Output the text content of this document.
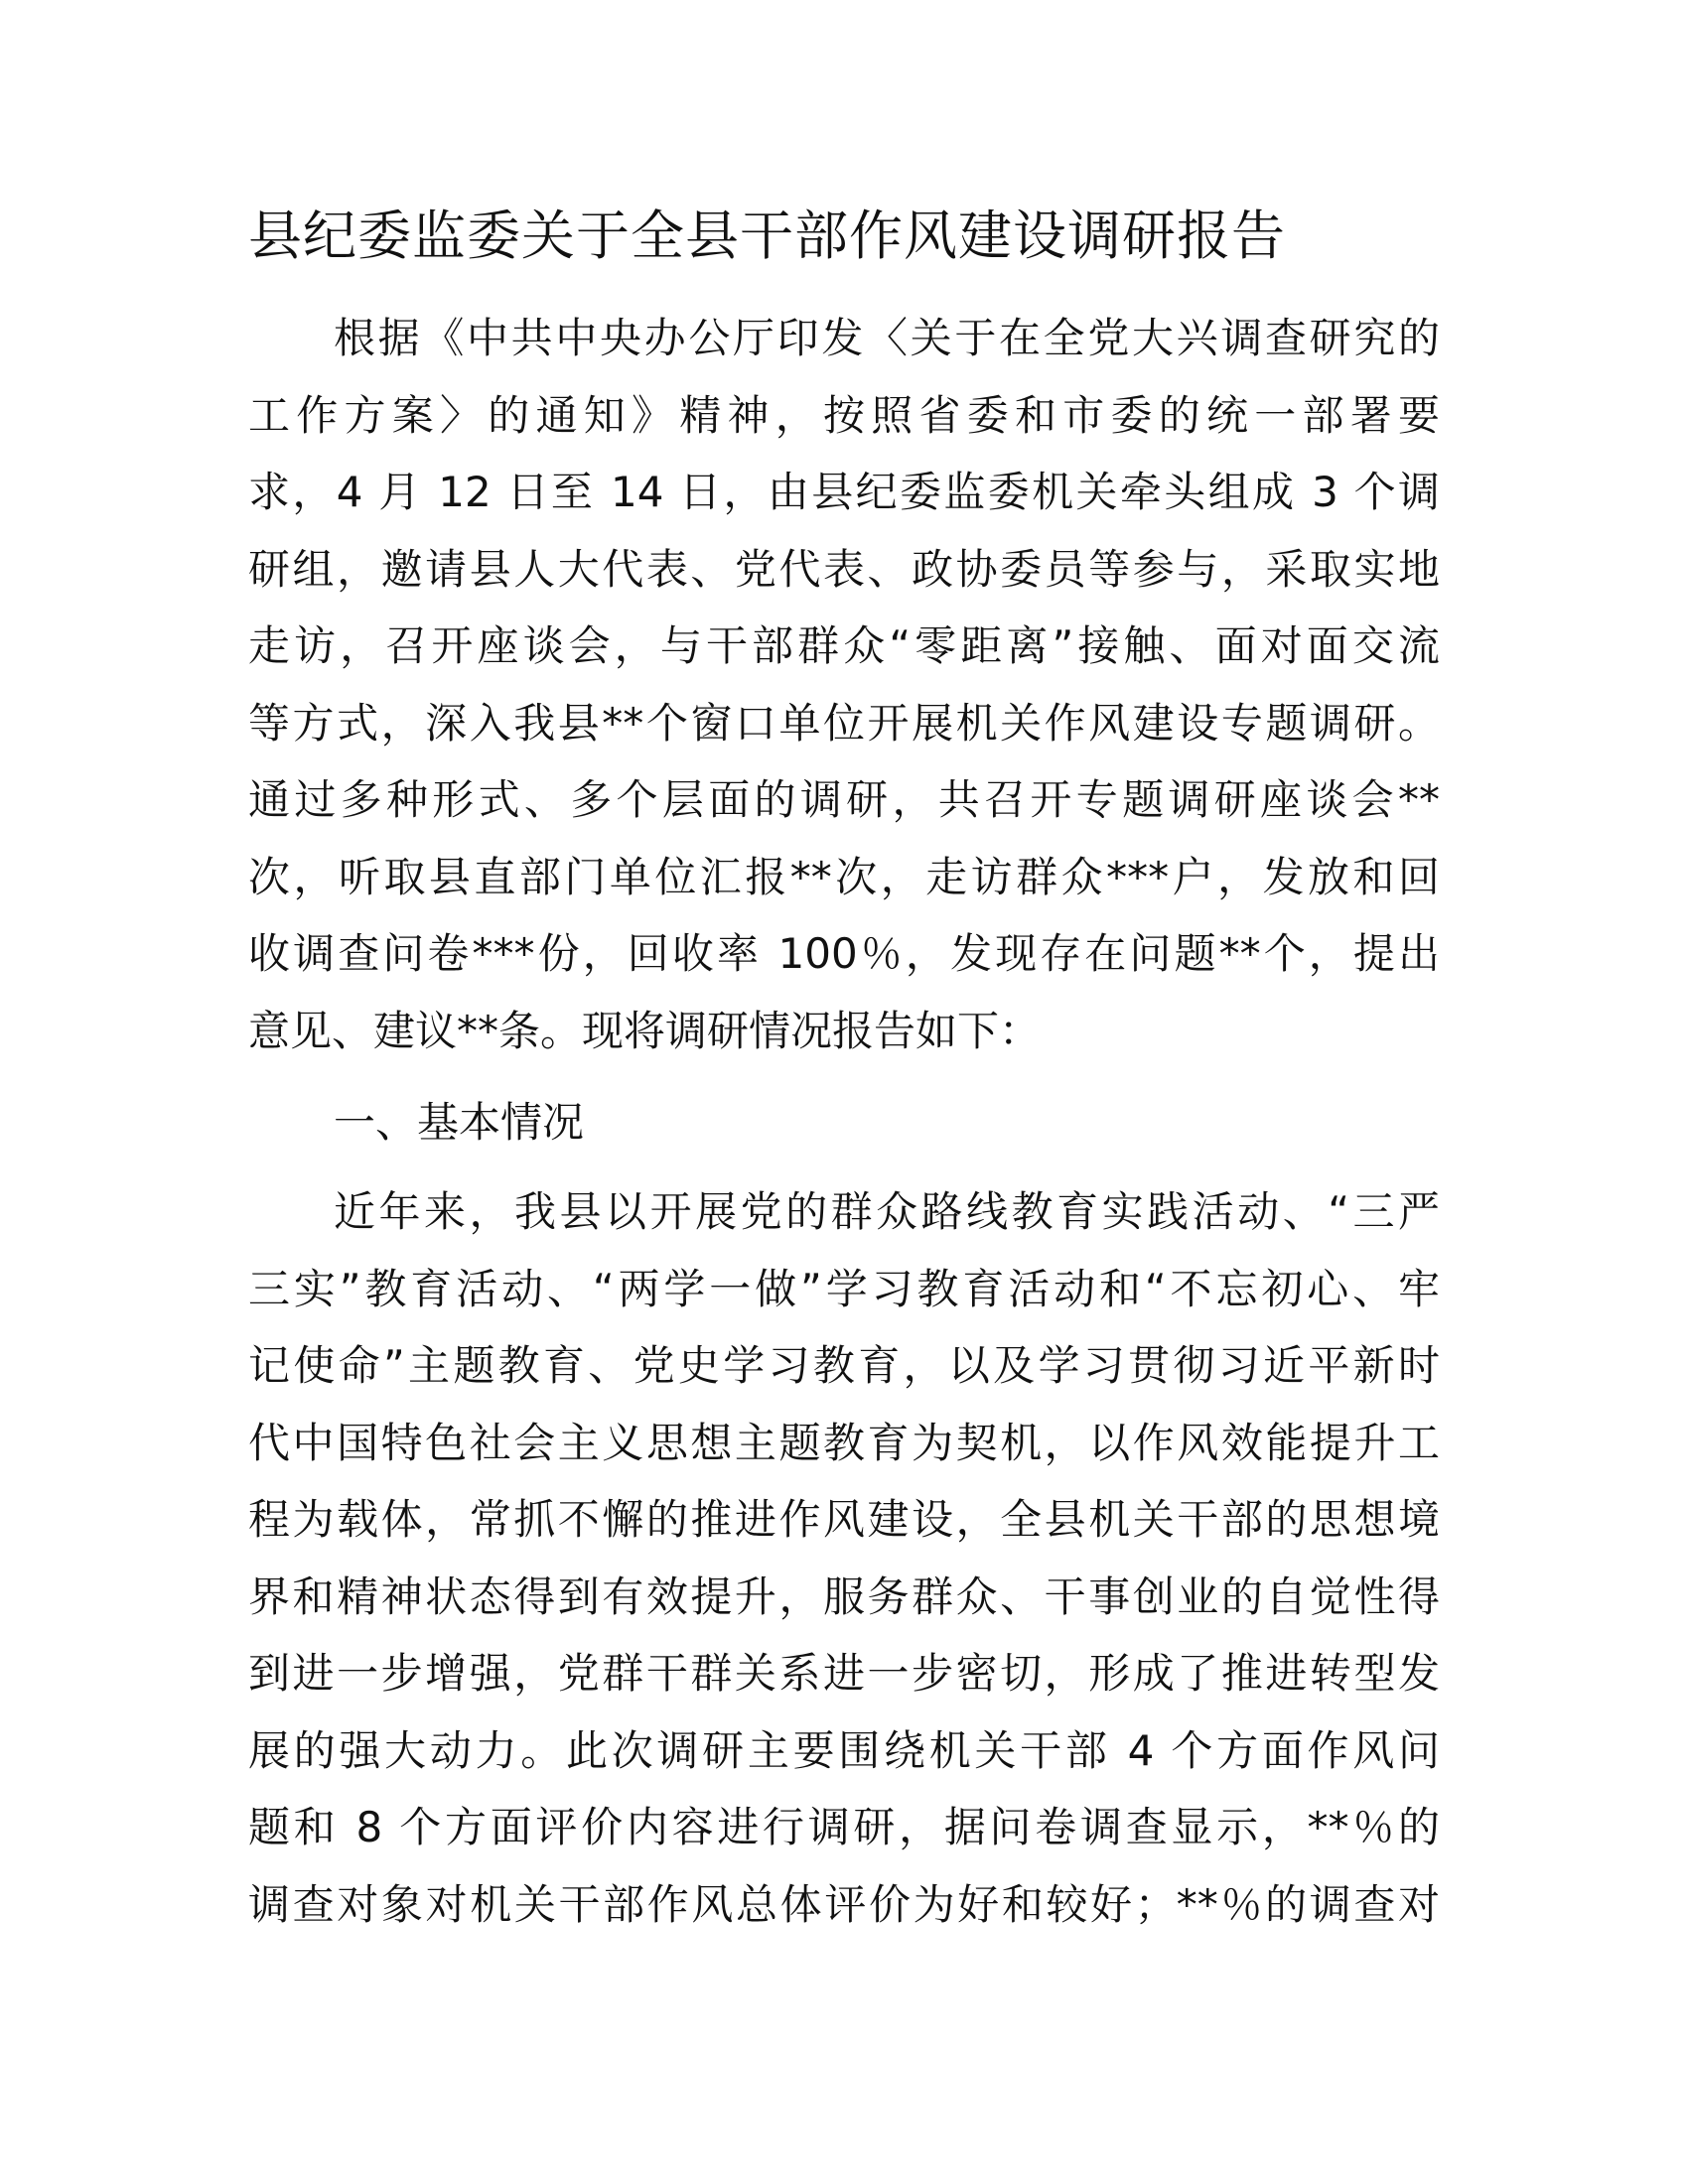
县纪委监委关于全县干部作风建设调研报告
根据《中共中央办公厅印发〈关于在全党大兴调查研究的
工作方案〉的通知》精神，按照省委和市委的统一部署要
求，4 月 12 日至 14 日，由县纪委监委机关牵头组成 3 个调
研组，邀请县人大代表、党代表、政协委员等参与，采取实地
走访，召开座谈会，与干部群众“零距离”接触、面对面交流
等方式，深入我县**个窗口单位开展机关作风建设专题调研。
通过多种形式、多个层面的调研，共召开专题调研座谈会**
次，听取县直部门单位汇报**次，走访群众***户，发放和回
收调查问卷***份，回收率 100％，发现存在问题**个，提出
意见、建议**条。现将调研情况报告如下：
一、基本情况
近年来，我县以开展党的群众路线教育实践活动、“三严
三实”教育活动、“两学一做”学习教育活动和“不忘初心、牢
记使命”主题教育、党史学习教育，以及学习贯彻习近平新时
代中国特色社会主义思想主题教育为契机，以作风效能提升工
程为载体，常抓不懈的推进作风建设，全县机关干部的思想境
界和精神状态得到有效提升，服务群众、干事创业的自觉性得
到进一步增强，党群干群关系进一步密切，形成了推进转型发
展的强大动力。此次调研主要围绕机关干部 4 个方面作风问
题和 8 个方面评价内容进行调研，据问卷调查显示，**％的
调查对象对机关干部作风总体评价为好和较好；**％的调查对
